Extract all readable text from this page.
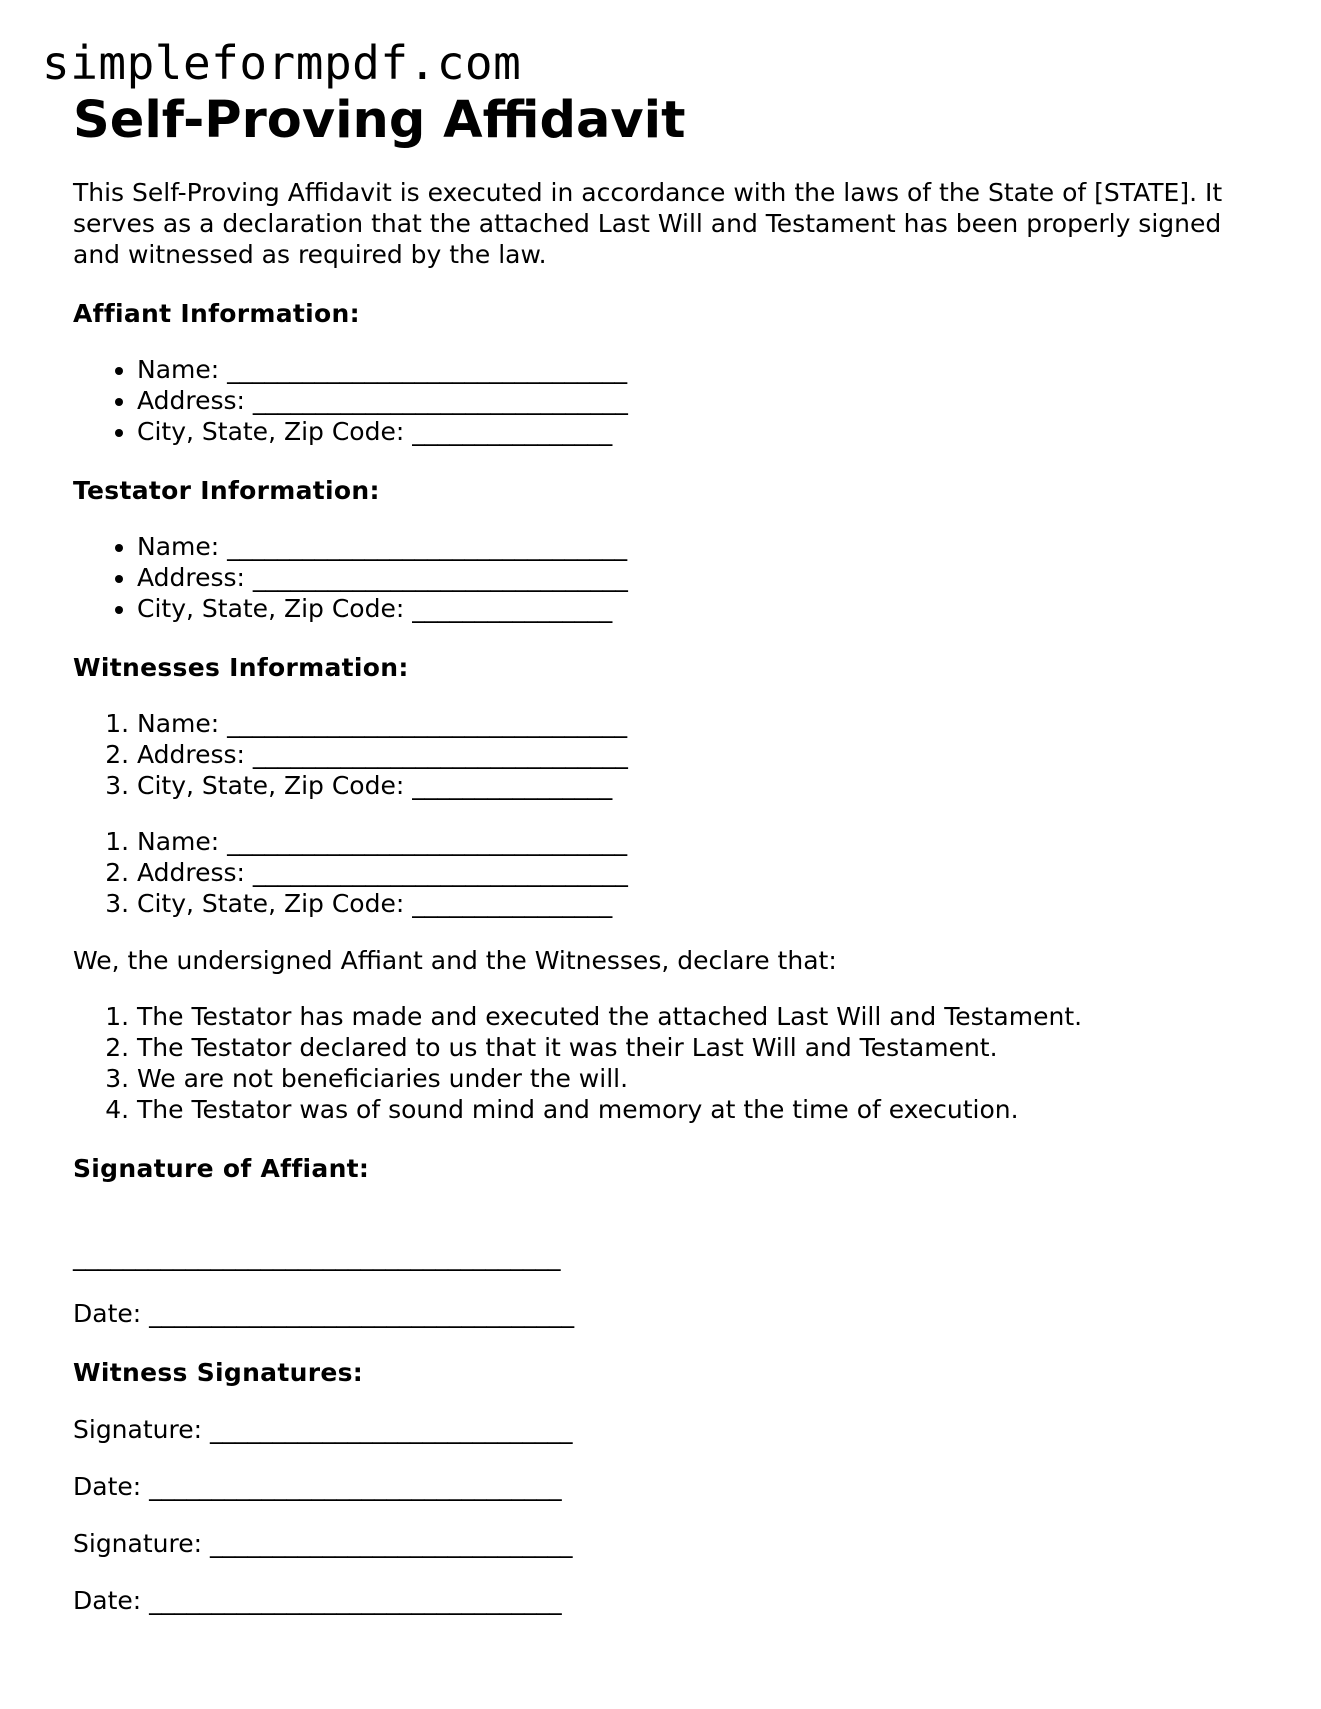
simpleformpdf.com
Self-Proving Affidavit

This Self-Proving Affidavit is executed in accordance with the laws of the State of [STATE]. It serves as a declaration that the attached Last Will and Testament has been properly signed and witnessed as required by the law.

Affiant Information:
• Name: ________________________________
• Address: ______________________________
• City, State, Zip Code: ________________
Testator Information:
• Name: ________________________________
• Address: ______________________________
• City, State, Zip Code: ________________
Witnesses Information:
1. Name: ________________________________
2. Address: ______________________________
3. City, State, Zip Code: ________________
1. Name: ________________________________
2. Address: ______________________________
3. City, State, Zip Code: ________________

We, the undersigned Affiant and the Witnesses, declare that:

1. The Testator has made and executed the attached Last Will and Testament.
2. The Testator declared to us that it was their Last Will and Testament.
3. We are not beneficiaries under the will.
4. The Testator was of sound mind and memory at the time of execution.
Signature of Affiant:
_______________________________________
Date: __________________________________
Witness Signatures:
Signature: _____________________________
Date: _________________________________
Signature: _____________________________
Date: _________________________________
